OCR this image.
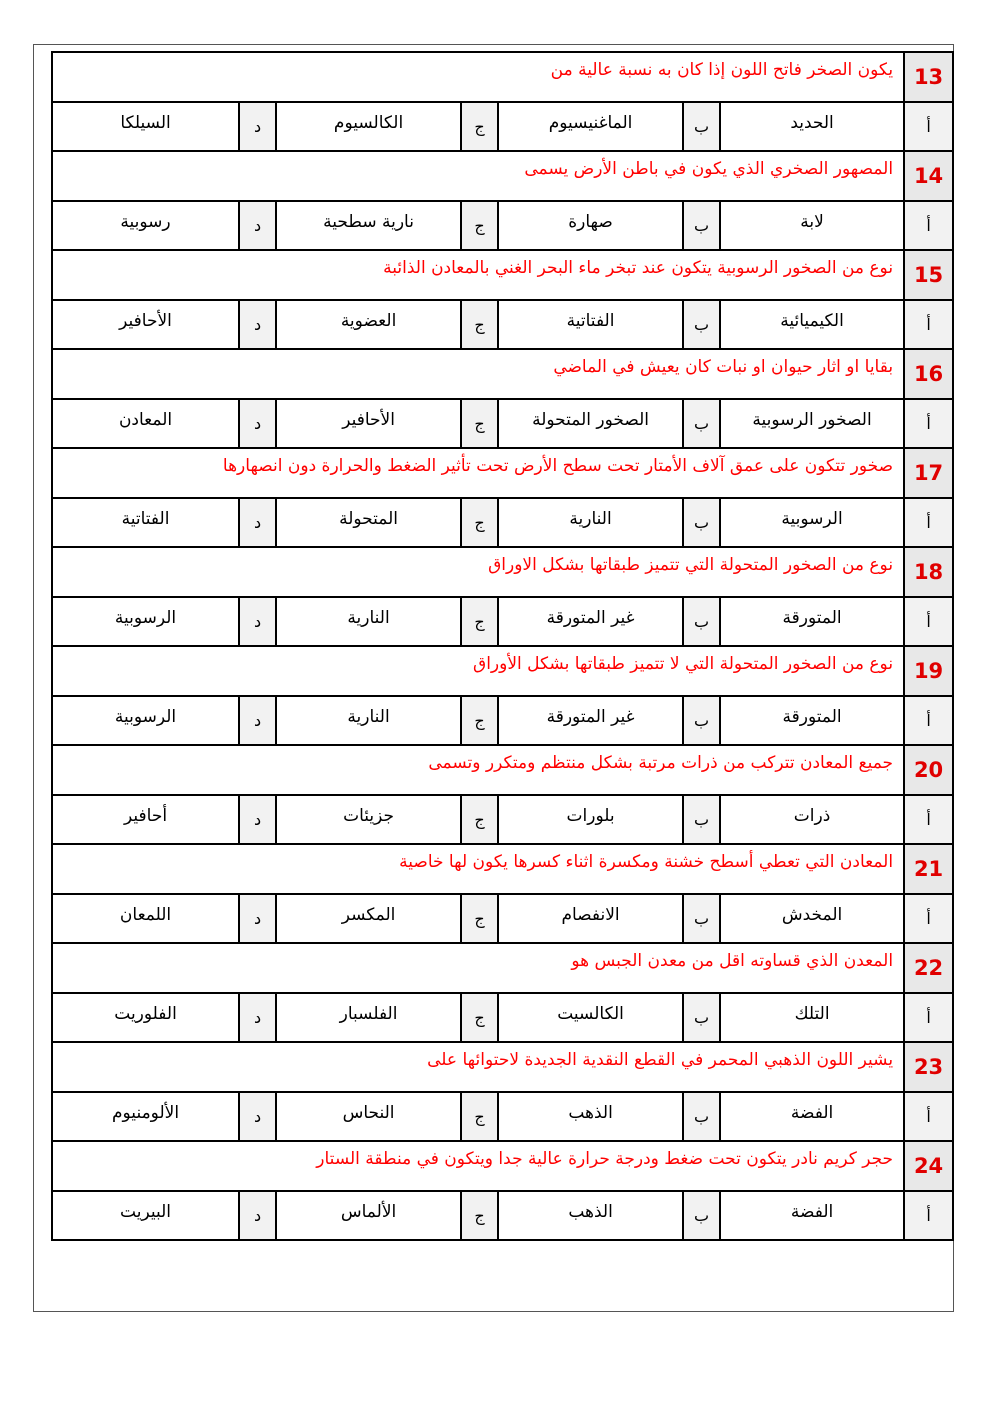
13	يكون الصخر فاتح اللون إذا كان به نسبة عالية من						
أ	الحديد	ب	الماغنيسيوم	ج	الكالسيوم	د	السيلكا
14	المصهور الصخري الذي يكون في باطن الأرض يسمى						
أ	لابة	ب	صهارة	ج	نارية سطحية	د	رسوبية
15	نوع من الصخور الرسوبية يتكون عند تبخر ماء البحر الغني بالمعادن الذائبة						
أ	الكيميائية	ب	الفتاتية	ج	العضوية	د	الأحافير
16	بقايا او اثار حيوان او نبات كان يعيش في الماضي						
أ	الصخور الرسوبية	ب	الصخور المتحولة	ج	الأحافير	د	المعادن
17	صخور تتكون على عمق آلاف الأمتار تحت سطح الأرض تحت تأثير الضغط والحرارة دون انصهارها						
أ	الرسوبية	ب	النارية	ج	المتحولة	د	الفتاتية
18	نوع من الصخور المتحولة التي تتميز طبقاتها بشكل الاوراق						
أ	المتورقة	ب	غير المتورقة	ج	النارية	د	الرسوبية
19	نوع من الصخور المتحولة التي لا تتميز طبقاتها بشكل الأوراق						
أ	المتورقة	ب	غير المتورقة	ج	النارية	د	الرسوبية
20	جميع المعادن تتركب من ذرات مرتبة بشكل منتظم ومتكرر وتسمى						
أ	ذرات	ب	بلورات	ج	جزيئات	د	أحافير
21	المعادن التي تعطي أسطح خشنة ومكسرة اثناء كسرها يكون لها خاصية						
أ	المخدش	ب	الانفصام	ج	المكسر	د	اللمعان
22	المعدن الذي قساوته اقل من معدن الجبس هو						
أ	التلك	ب	الكالسيت	ج	الفلسبار	د	الفلوريت
23	يشير اللون الذهبي المحمر في القطع النقدية الجديدة لاحتوائها على						
أ	الفضة	ب	الذهب	ج	النحاس	د	الألومنيوم
24	حجر كريم نادر يتكون تحت ضغط ودرجة حرارة عالية جدا ويتكون في منطقة الستار						
أ	الفضة	ب	الذهب	ج	الألماس	د	البيريت
